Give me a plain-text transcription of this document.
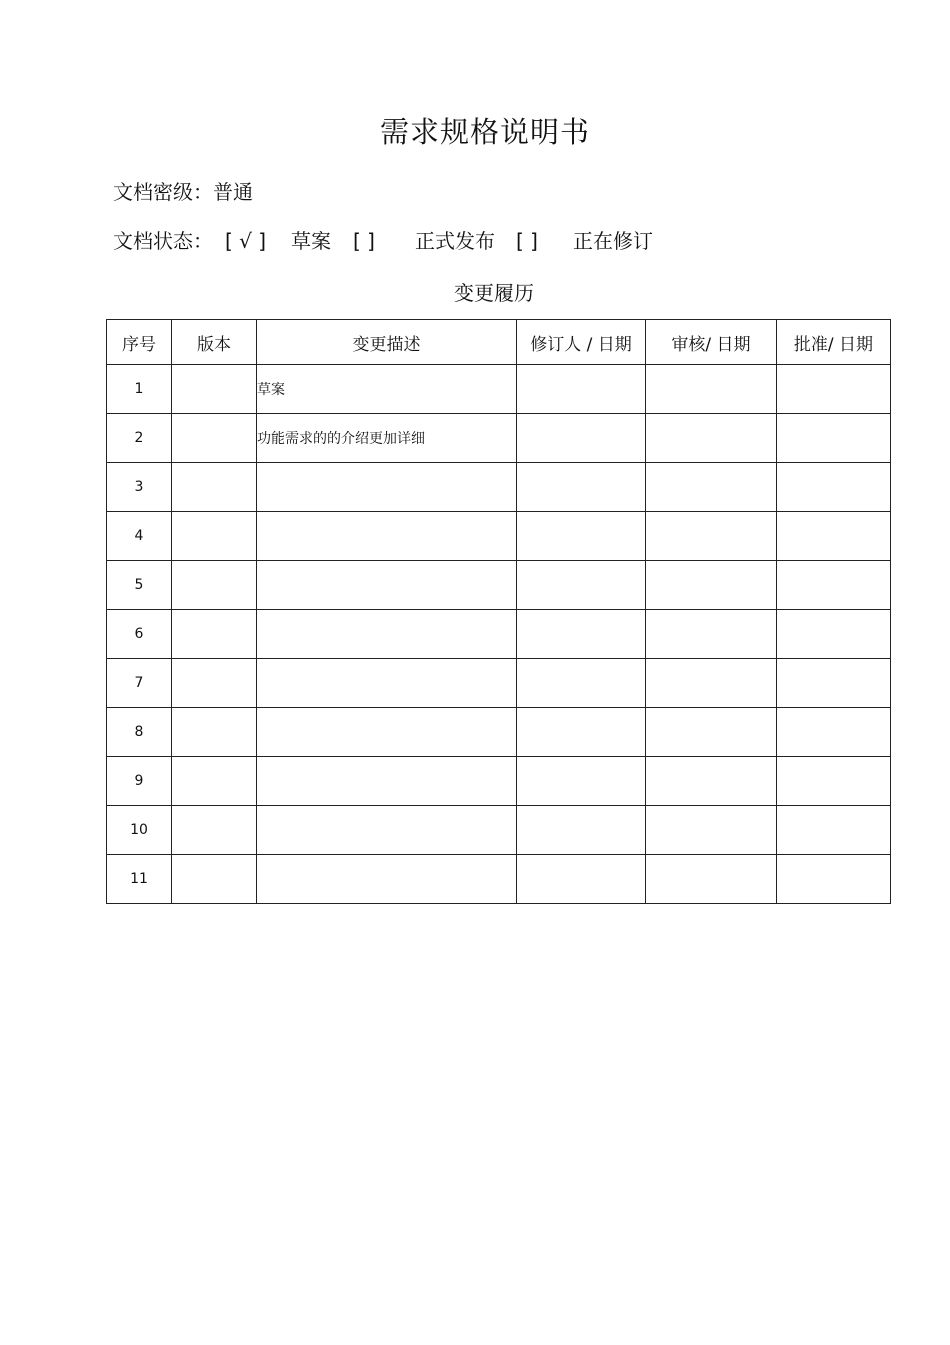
需求规格说明书
文档密级：普通
文档状态： [ √ ] 草案 [ ] 正式发布 [ ] 正在修订
变更履历
序号	版本	变更描述	修订人 / 日期	审核/ 日期	批准/ 日期
1		草案			
2		功能需求的的介绍更加详细			
3					
4					
5					
6					
7					
8					
9					
10					
11					
